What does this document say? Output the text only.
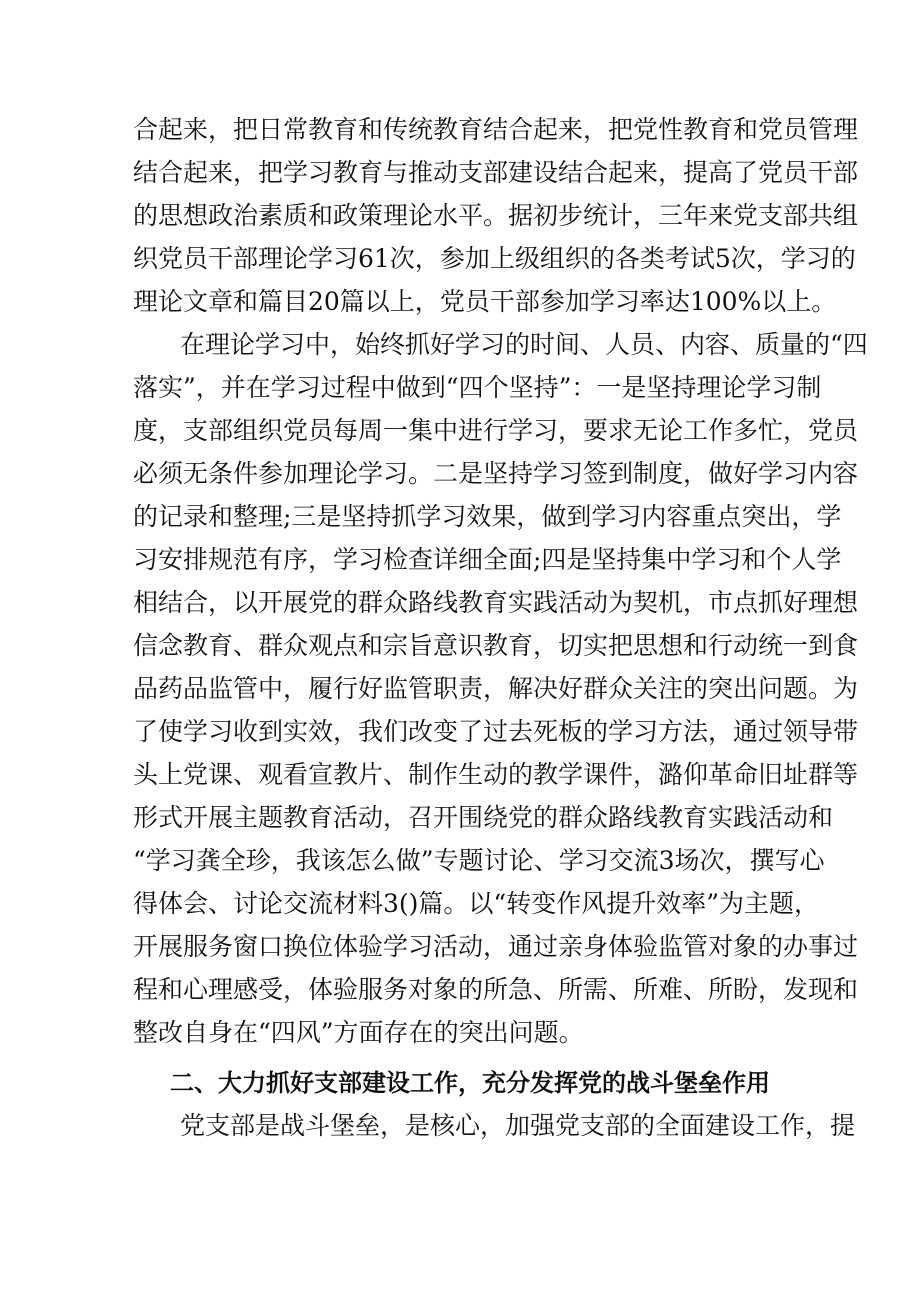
合起来，把日常教育和传统教育结合起来，把党性教育和党员管理
结合起来，把学习教育与推动支部建设结合起来，提高了党员干部
的思想政治素质和政策理论水平。据初步统计，三年来党支部共组
织党员干部理论学习61次，参加上级组织的各类考试5次，学习的
理论文章和篇目20篇以上，党员干部参加学习率达100%以上。
在理论学习中，始终抓好学习的时间、人员、内容、质量的“四
落实”，并在学习过程中做到“四个坚持”：一是坚持理论学习制
度，支部组织党员每周一集中进行学习，要求无论工作多忙，党员
必须无条件参加理论学习。二是坚持学习签到制度，做好学习内容
的记录和整理;三是坚持抓学习效果，做到学习内容重点突出，学
习安排规范有序，学习检查详细全面;四是坚持集中学习和个人学
相结合，以开展党的群众路线教育实践活动为契机，市点抓好理想
信念教育、群众观点和宗旨意识教育，切实把思想和行动统一到食
品药品监管中，履行好监管职责，解决好群众关注的突出问题。为
了使学习收到实效，我们改变了过去死板的学习方法，通过领导带
头上党课、观看宣教片、制作生动的教学课件，潞仰革命旧址群等
形式开展主题教育活动，召开围绕党的群众路线教育实践活动和
“学习龚全珍，我该怎么做”专题讨论、学习交流3场次，撰写心
得体会、讨论交流材料3()篇。以“转变作风提升效率”为主题，
开展服务窗口换位体验学习活动，通过亲身体验监管对象的办事过
程和心理感受，体验服务对象的所急、所需、所难、所盼，发现和
整改自身在“四风”方面存在的突出问题。
二、大力抓好支部建设工作，充分发挥党的战斗堡垒作用
党支部是战斗堡垒，是核心，加强党支部的全面建设工作，提
